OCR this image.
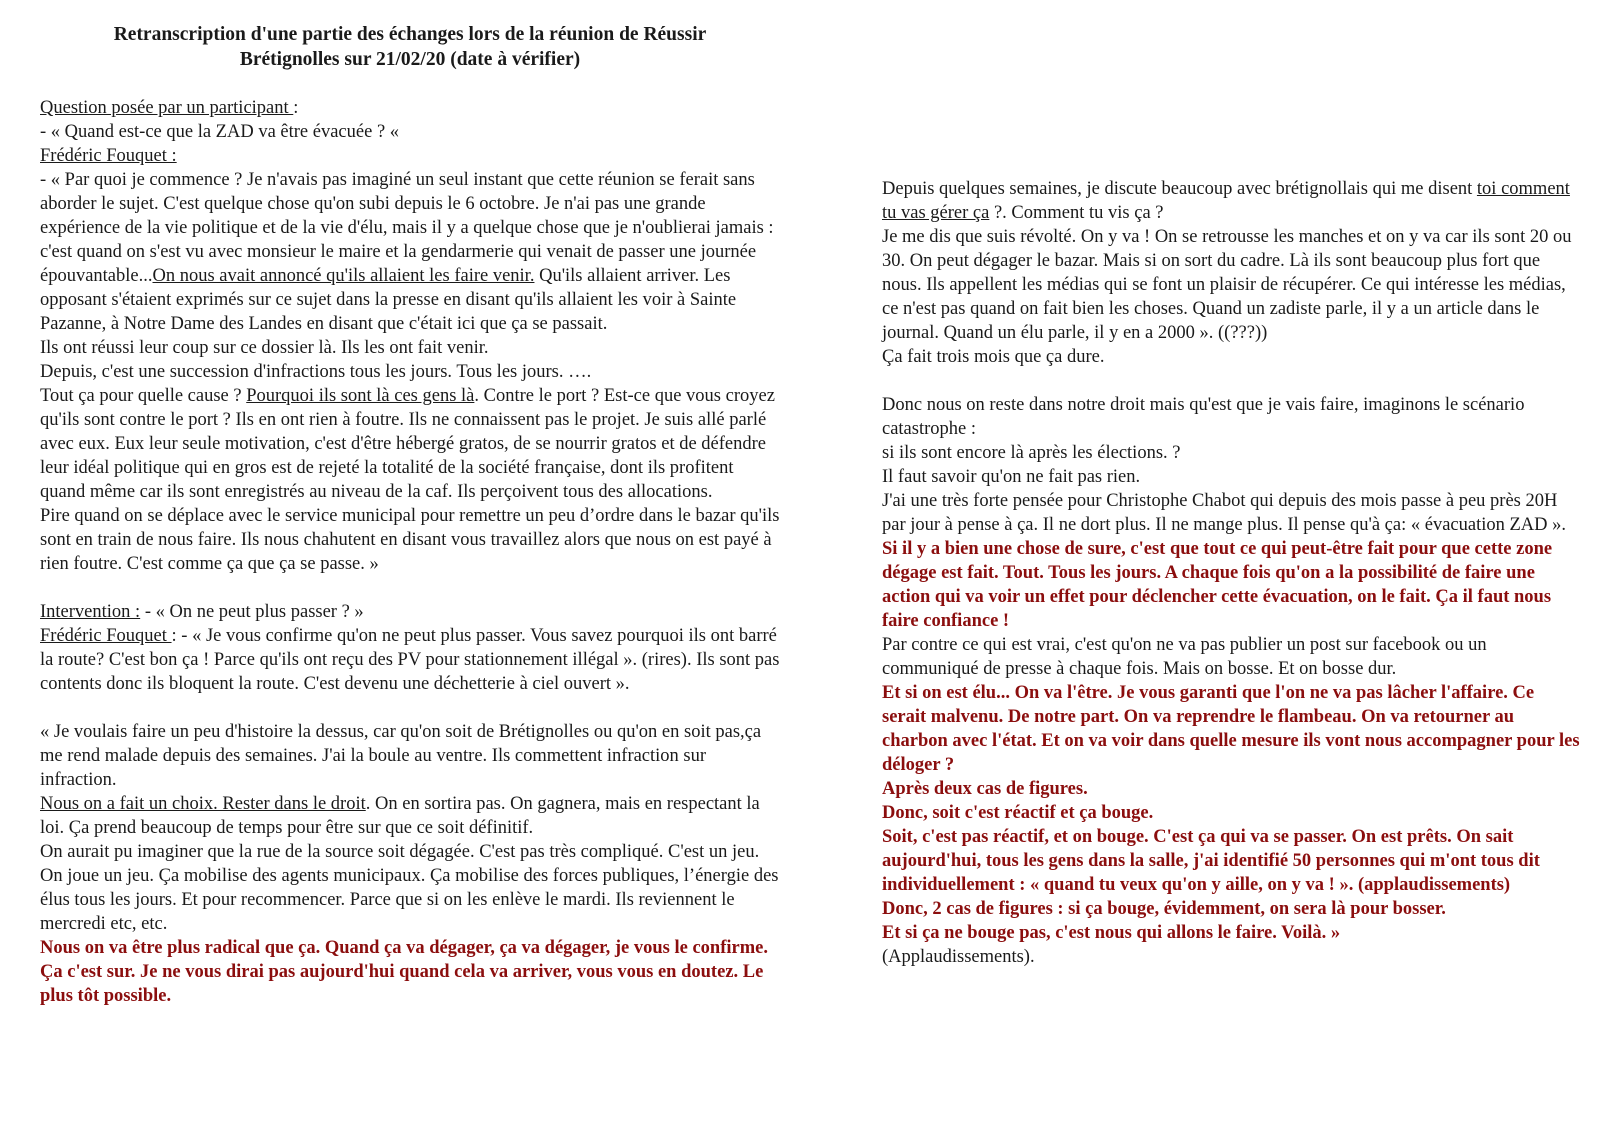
Retranscription d'une partie des échanges lors de la réunion de Réussir
Brétignolles sur 21/02/20 (date à vérifier)

Question posée par un participant :

- « Quand est-ce que la ZAD va être évacuée ? «

Frédéric Fouquet :

- « Par quoi je commence ? Je n'avais pas imaginé un seul instant que cette réunion se ferait sans aborder le sujet. C'est quelque chose qu'on subi depuis le 6 octobre. Je n'ai pas une grande expérience de la vie politique et de la vie d'élu, mais il y a quelque chose que je n'oublierai jamais : c'est quand on s'est vu avec monsieur le maire et la gendarmerie qui venait de passer une journée épouvantable...On nous avait annoncé qu'ils allaient les faire venir. Qu'ils allaient arriver. Les opposant s'étaient exprimés sur ce sujet dans la presse en disant qu'ils allaient les voir à Sainte Pazanne, à Notre Dame des Landes en disant que c'était ici que ça se passait.

Ils ont réussi leur coup sur ce dossier là. Ils les ont fait venir.

Depuis, c'est une succession d'infractions tous les jours. Tous les jours. ….

Tout ça pour quelle cause ? Pourquoi ils sont là ces gens là. Contre le port ? Est-ce que vous croyez qu'ils sont contre le port ? Ils en ont rien à foutre. Ils ne connaissent pas le projet. Je suis allé parlé avec eux. Eux leur seule motivation, c'est d'être hébergé gratos, de se nourrir gratos et de défendre leur idéal politique qui en gros est de rejeté la totalité de la société française, dont ils profitent quand même car ils sont enregistrés au niveau de la caf. Ils perçoivent tous des allocations.

Pire quand on se déplace avec le service municipal pour remettre un peu d’ordre dans le bazar qu'ils sont en train de nous faire. Ils nous chahutent en disant vous travaillez alors que nous on est payé à rien foutre. C'est comme ça que ça se passe. »

Intervention : - « On ne peut plus passer ? »

Frédéric Fouquet : - « Je vous confirme qu'on ne peut plus passer. Vous savez pourquoi ils ont barré la route? C'est bon ça ! Parce qu'ils ont reçu des PV pour stationnement illégal ». (rires). Ils sont pas contents donc ils bloquent la route. C'est devenu une déchetterie à ciel ouvert ».

« Je voulais faire un peu d'histoire la dessus, car qu'on soit de Brétignolles ou qu'on en soit pas,ça me rend malade depuis des semaines. J'ai la boule au ventre. Ils commettent infraction sur infraction.

Nous on a fait un choix. Rester dans le droit. On en sortira pas. On gagnera, mais en respectant la loi. Ça prend beaucoup de temps pour être sur que ce soit définitif.

On aurait pu imaginer que la rue de la source soit dégagée. C'est pas très compliqué. C'est un jeu. On joue un jeu. Ça mobilise des agents municipaux. Ça mobilise des forces publiques, l’énergie des élus tous les jours. Et pour recommencer. Parce que si on les enlève le mardi. Ils reviennent le mercredi etc, etc.

Nous on va être plus radical que ça. Quand ça va dégager, ça va dégager, je vous le confirme. Ça c'est sur. Je ne vous dirai pas aujourd'hui quand cela va arriver, vous vous en doutez. Le plus tôt possible.

Depuis quelques semaines, je discute beaucoup avec brétignollais qui me disent toi comment tu vas gérer ça ?. Comment tu vis ça ?

Je me dis que suis révolté. On y va ! On se retrousse les manches et on y va car ils sont 20 ou 30. On peut dégager le bazar. Mais si on sort du cadre. Là ils sont beaucoup plus fort que nous. Ils appellent les médias qui se font un plaisir de récupérer. Ce qui intéresse les médias, ce n'est pas quand on fait bien les choses. Quand un zadiste parle, il y a un article dans le journal. Quand un élu parle, il y en a 2000 ». ((???))

Ça fait trois mois que ça dure.

Donc nous on reste dans notre droit mais qu'est que je vais faire, imaginons le scénario catastrophe :

si ils sont encore là après les élections. ?

Il faut savoir qu'on ne fait pas rien.

J'ai une très forte pensée pour Christophe Chabot qui depuis des mois passe à peu près 20H par jour à pense à ça. Il ne dort plus. Il ne mange plus. Il pense qu'à ça: « évacuation ZAD ».

Si il y a bien une chose de sure, c'est que tout ce qui peut-être fait pour que cette zone dégage est fait. Tout. Tous les jours. A chaque fois qu'on a la possibilité de faire une action qui va voir un effet pour déclencher cette évacuation, on le fait. Ça il faut nous faire confiance !

Par contre ce qui est vrai, c'est qu'on ne va pas publier un post sur facebook ou un communiqué de presse à chaque fois. Mais on bosse. Et on bosse dur.

Et si on est élu... On va l'être. Je vous garanti que l'on ne va pas lâcher l'affaire. Ce serait malvenu. De notre part. On va reprendre le flambeau. On va retourner au charbon avec l'état. Et on va voir dans quelle mesure ils vont nous accompagner pour les déloger ?

Après deux cas de figures.

Donc, soit c'est réactif et ça bouge.

Soit, c'est pas réactif, et on bouge. C'est ça qui va se passer. On est prêts. On sait aujourd'hui, tous les gens dans la salle, j'ai identifié 50 personnes qui m'ont tous dit individuellement : « quand tu veux qu'on y aille, on y va ! ». (applaudissements)

Donc, 2 cas de figures : si ça bouge, évidemment, on sera là pour bosser.

Et si ça ne bouge pas, c'est nous qui allons le faire. Voilà. »

(Applaudissements).
